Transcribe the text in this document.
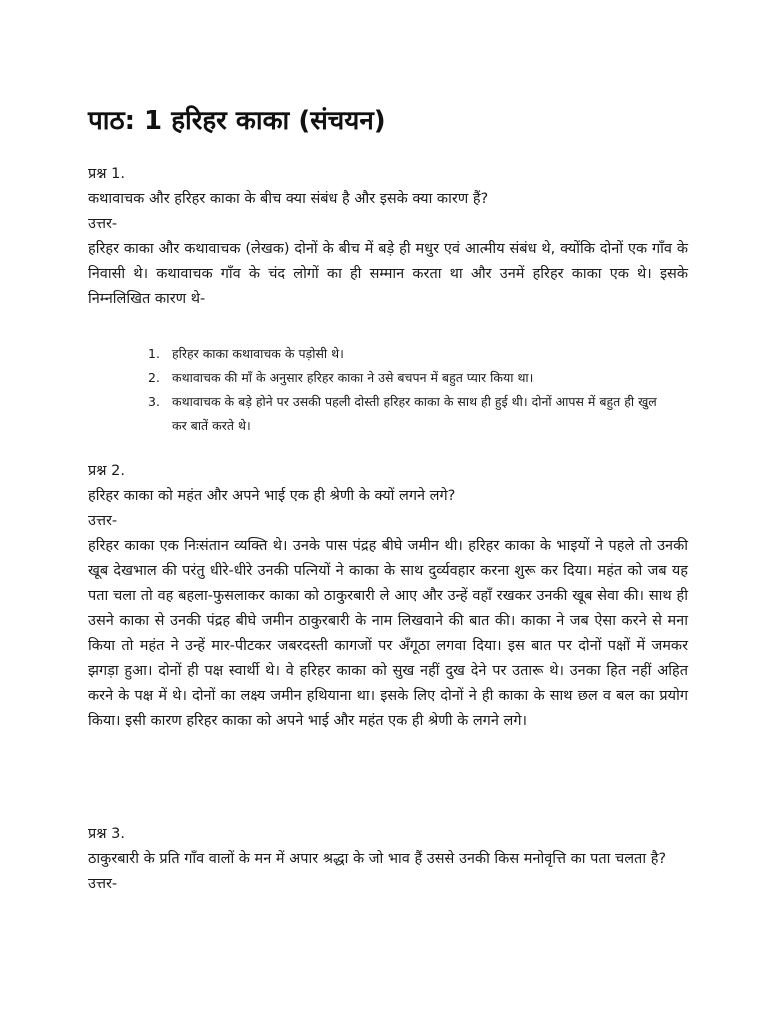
पाठ: 1 हरिहर काका (संचयन)

प्रश्न 1.

कथावाचक और हरिहर काका के बीच क्या संबंध है और इसके क्या कारण हैं?

उत्तर-

हरिहर काका और कथावाचक (लेखक) दोनों के बीच में बड़े ही मधुर एवं आत्मीय संबंध थे, क्योंकि दोनों एक गाँव के निवासी थे। कथावाचक गाँव के चंद लोगों का ही सम्मान करता था और उनमें हरिहर काका एक थे। इसके निम्नलिखित कारण थे-

1. हरिहर काका कथावाचक के पड़ोसी थे।
2. कथावाचक की माँ के अनुसार हरिहर काका ने उसे बचपन में बहुत प्यार किया था।
3. कथावाचक के बड़े होने पर उसकी पहली दोस्ती हरिहर काका के साथ ही हुई थी। दोनों आपस में बहुत ही खुल कर बातें करते थे।

प्रश्न 2.

हरिहर काका को महंत और अपने भाई एक ही श्रेणी के क्यों लगने लगे?

उत्तर-

हरिहर काका एक निःसंतान व्यक्ति थे। उनके पास पंद्रह बीघे जमीन थी। हरिहर काका के भाइयों ने पहले तो उनकी खूब देखभाल की परंतु धीरे-धीरे उनकी पत्नियों ने काका के साथ दुर्व्यवहार करना शुरू कर दिया। महंत को जब यह पता चला तो वह बहला-फुसलाकर काका को ठाकुरबारी ले आए और उन्हें वहाँ रखकर उनकी खूब सेवा की। साथ ही उसने काका से उनकी पंद्रह बीघे जमीन ठाकुरबारी के नाम लिखवाने की बात की। काका ने जब ऐसा करने से मना किया तो महंत ने उन्हें मार-पीटकर जबरदस्ती कागजों पर अँगूठा लगवा दिया। इस बात पर दोनों पक्षों में जमकर झगड़ा हुआ। दोनों ही पक्ष स्वार्थी थे। वे हरिहर काका को सुख नहीं दुख देने पर उतारू थे। उनका हित नहीं अहित करने के पक्ष में थे। दोनों का लक्ष्य जमीन हथियाना था। इसके लिए दोनों ने ही काका के साथ छल व बल का प्रयोग किया। इसी कारण हरिहर काका को अपने भाई और महंत एक ही श्रेणी के लगने लगे।

प्रश्न 3.

ठाकुरबारी के प्रति गाँव वालों के मन में अपार श्रद्धा के जो भाव हैं उससे उनकी किस मनोवृत्ति का पता चलता है?

उत्तर-
